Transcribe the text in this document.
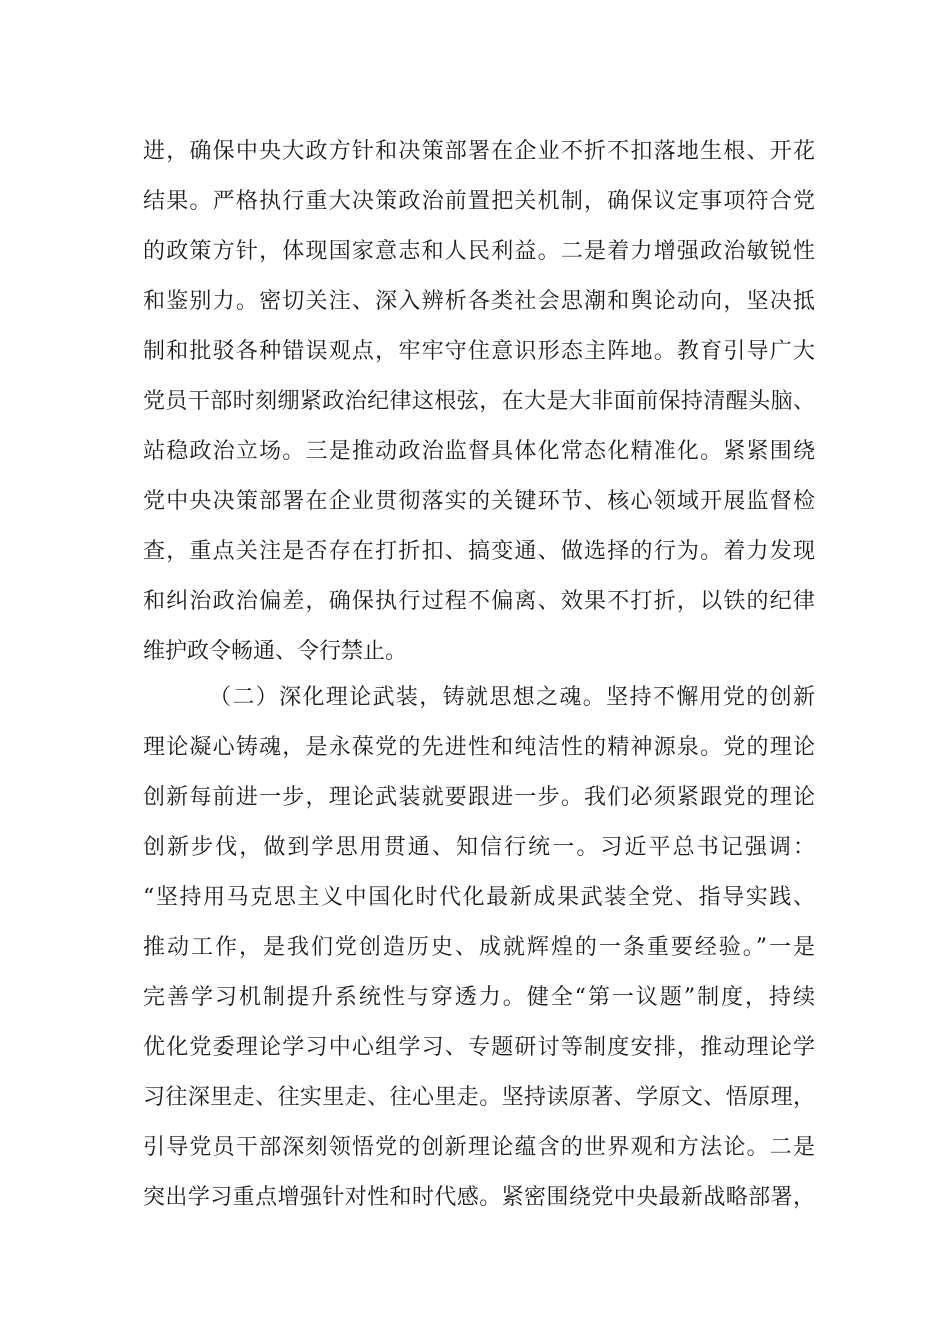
进，确保中央大政方针和决策部署在企业不折不扣落地生根、开花
结果。严格执行重大决策政治前置把关机制，确保议定事项符合党
的政策方针，体现国家意志和人民利益。二是着力增强政治敏锐性
和鉴别力。密切关注、深入辨析各类社会思潮和舆论动向，坚决抵
制和批驳各种错误观点，牢牢守住意识形态主阵地。教育引导广大
党员干部时刻绷紧政治纪律这根弦，在大是大非面前保持清醒头脑、
站稳政治立场。三是推动政治监督具体化常态化精准化。紧紧围绕
党中央决策部署在企业贯彻落实的关键环节、核心领域开展监督检
查，重点关注是否存在打折扣、搞变通、做选择的行为。着力发现
和纠治政治偏差，确保执行过程不偏离、效果不打折，以铁的纪律
维护政令畅通、令行禁止。
（二）深化理论武装，铸就思想之魂。坚持不懈用党的创新
理论凝心铸魂，是永葆党的先进性和纯洁性的精神源泉。党的理论
创新每前进一步，理论武装就要跟进一步。我们必须紧跟党的理论
创新步伐，做到学思用贯通、知信行统一。习近平总书记强调：
“坚持用马克思主义中国化时代化最新成果武装全党、指导实践、
推动工作，是我们党创造历史、成就辉煌的一条重要经验。”一是
完善学习机制提升系统性与穿透力。健全“第一议题”制度，持续
优化党委理论学习中心组学习、专题研讨等制度安排，推动理论学
习往深里走、往实里走、往心里走。坚持读原著、学原文、悟原理，
引导党员干部深刻领悟党的创新理论蕴含的世界观和方法论。二是
突出学习重点增强针对性和时代感。紧密围绕党中央最新战略部署，
